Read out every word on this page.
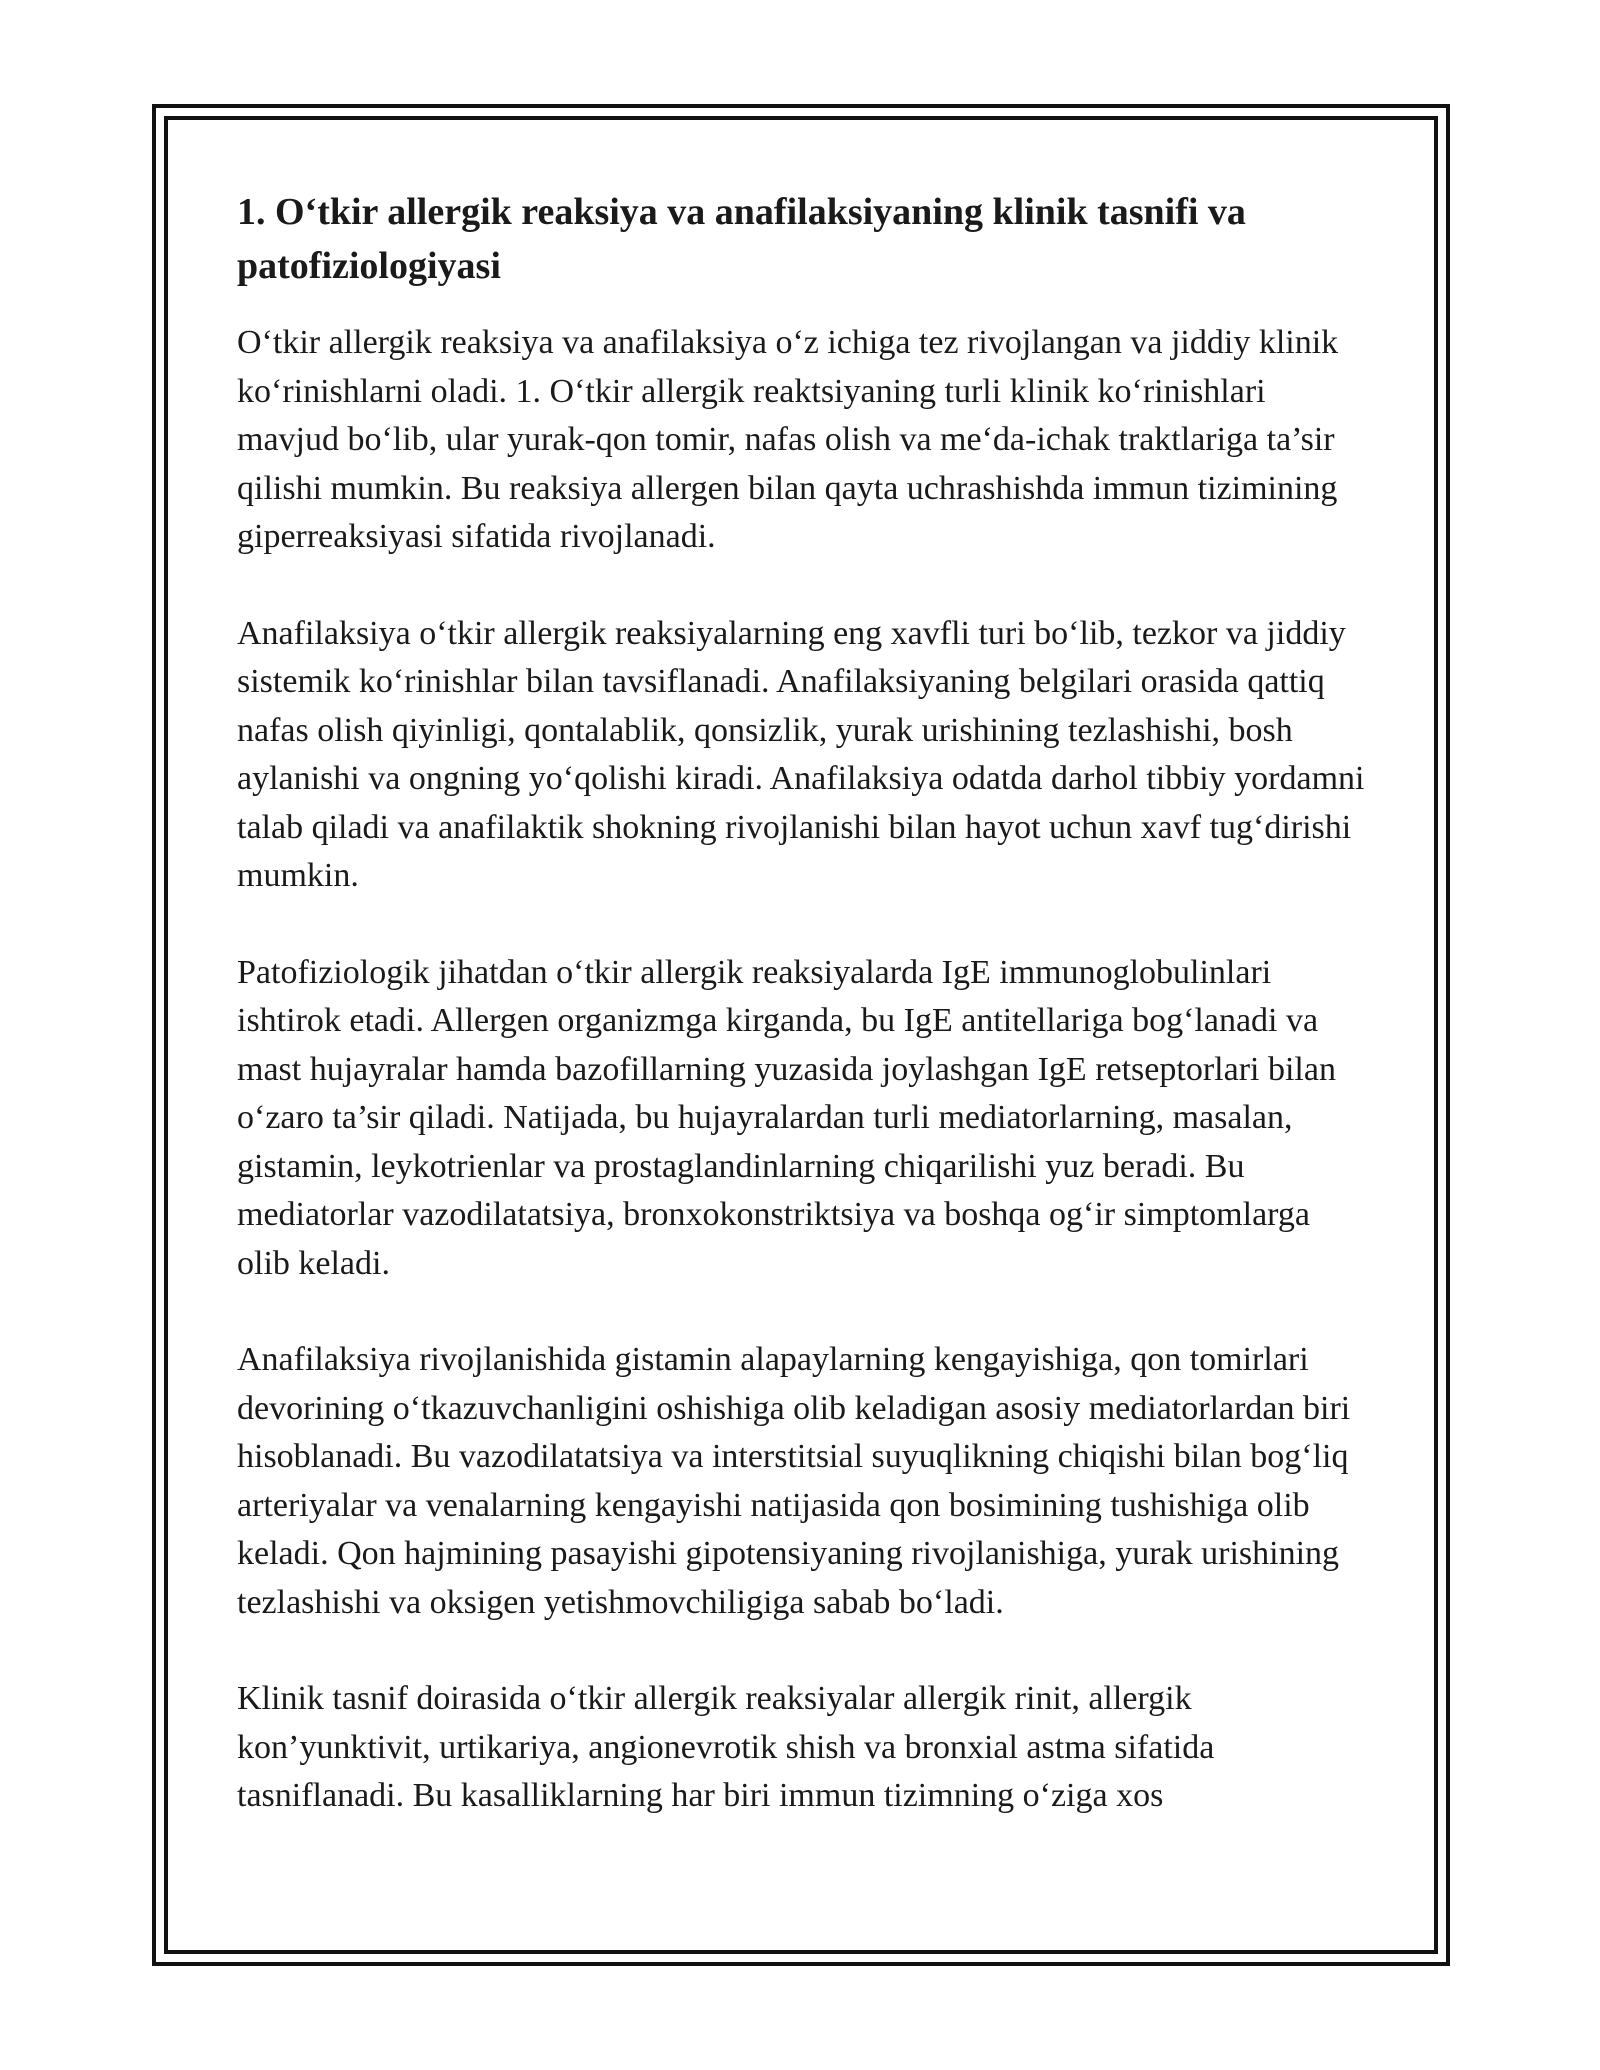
1. O‘tkir allergik reaksiya va anafilaksiyaning klinik tasnifi va patofiziologiyasi

O‘tkir allergik reaksiya va anafilaksiya o‘z ichiga tez rivojlangan va jiddiy klinik ko‘rinishlarni oladi. 1. O‘tkir allergik reaktsiyaning turli klinik ko‘rinishlari mavjud bo‘lib, ular yurak-qon tomir, nafas olish va me‘da-ichak traktlariga ta’sir qilishi mumkin. Bu reaksiya allergen bilan qayta uchrashishda immun tizimining giperreaksiyasi sifatida rivojlanadi.

Anafilaksiya o‘tkir allergik reaksiyalarning eng xavfli turi bo‘lib, tezkor va jiddiy sistemik ko‘rinishlar bilan tavsiflanadi. Anafilaksiyaning belgilari orasida qattiq nafas olish qiyinligi, qontalablik, qonsizlik, yurak urishining tezlashishi, bosh aylanishi va ongning yo‘qolishi kiradi. Anafilaksiya odatda darhol tibbiy yordamni talab qiladi va anafilaktik shokning rivojlanishi bilan hayot uchun xavf tug‘dirishi mumkin.

Patofiziologik jihatdan o‘tkir allergik reaksiyalarda IgE immunoglobulinlari ishtirok etadi. Allergen organizmga kirganda, bu IgE antitellariga bog‘lanadi va mast hujayralar hamda bazofillarning yuzasida joylashgan IgE retseptorlari bilan o‘zaro ta’sir qiladi. Natijada, bu hujayralardan turli mediatorlarning, masalan, gistamin, leykotrienlar va prostaglandinlarning chiqarilishi yuz beradi. Bu mediatorlar vazodilatatsiya, bronxokonstriktsiya va boshqa og‘ir simptomlarga olib keladi.

Anafilaksiya rivojlanishida gistamin alapaylarning kengayishiga, qon tomirlari devorining o‘tkazuvchanligini oshishiga olib keladigan asosiy mediatorlardan biri hisoblanadi. Bu vazodilatatsiya va interstitsial suyuqlikning chiqishi bilan bog‘liq arteriyalar va venalarning kengayishi natijasida qon bosimining tushishiga olib keladi. Qon hajmining pasayishi gipotensiyaning rivojlanishiga, yurak urishining tezlashishi va oksigen yetishmovchiligiga sabab bo‘ladi.

Klinik tasnif doirasida o‘tkir allergik reaksiyalar allergik rinit, allergik kon’yunktivit, urtikariya, angionevrotik shish va bronxial astma sifatida tasniflanadi. Bu kasalliklarning har biri immun tizimning o‘ziga xos
